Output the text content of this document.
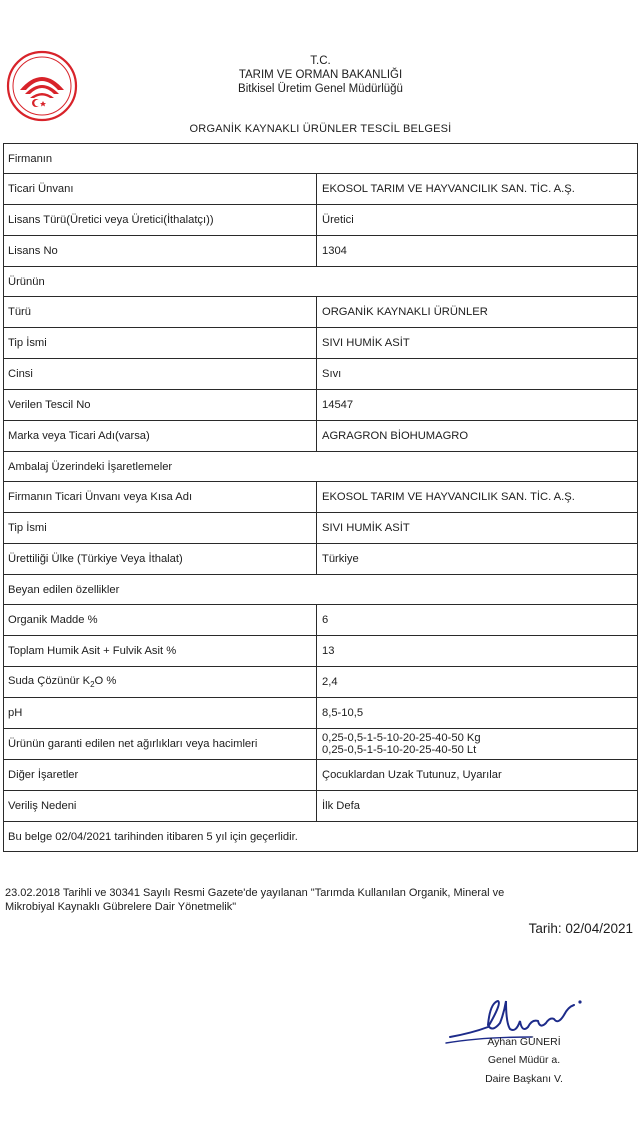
T.C.
TARIM VE ORMAN BAKANLIĞI
Bitkisel Üretim Genel Müdürlüğü
ORGANİK KAYNAKLI ÜRÜNLER TESCİL BELGESİ
Firmanın	
Ticari Ünvanı	EKOSOL TARIM VE HAYVANCILIK SAN. TİC. A.Ş.
Lisans Türü(Üretici veya Üretici(İthalatçı))	Üretici
Lisans No	1304
Ürünün	
Türü	ORGANİK KAYNAKLI ÜRÜNLER
Tip İsmi	SIVI HUMİK ASİT
Cinsi	Sıvı
Verilen Tescil No	14547
Marka veya Ticari Adı(varsa)	AGRAGRON BİOHUMAGRO
Ambalaj Üzerindeki İşaretlemeler	
Firmanın Ticari Ünvanı veya Kısa Adı	EKOSOL TARIM VE HAYVANCILIK SAN. TİC. A.Ş.
Tip İsmi	SIVI HUMİK ASİT
Ürettiliği Ülke (Türkiye Veya İthalat)	Türkiye
Beyan edilen özellikler	
Organik Madde %	6
Toplam Humik Asit + Fulvik Asit %	13
Suda Çözünür $K_2O$ %	2,4
pH	8,5-10,5
Ürünün garanti edilen net ağırlıkları veya hacimleri	0,25-0,5-1-5-10-20-25-40-50 Kg
0,25-0,5-1-5-10-20-25-40-50 Lt

Diğer İşaretler	Çocuklardan Uzak Tutunuz, Uyarılar
Veriliş Nedeni	İlk Defa
Bu belge 02/04/2021 tarihinden itibaren 5 yıl için geçerlidir.	
23.02.2018 Tarihli ve 30341 Sayılı Resmi Gazete'de yayılanan "Tarımda Kullanılan Organik, Mineral ve
Mikrobiyal Kaynaklı Gübrelere Dair Yönetmelik"
Tarih: 02/04/2021
Ayhan GÜNERİ
Genel Müdür a.
Daire Başkanı V.
